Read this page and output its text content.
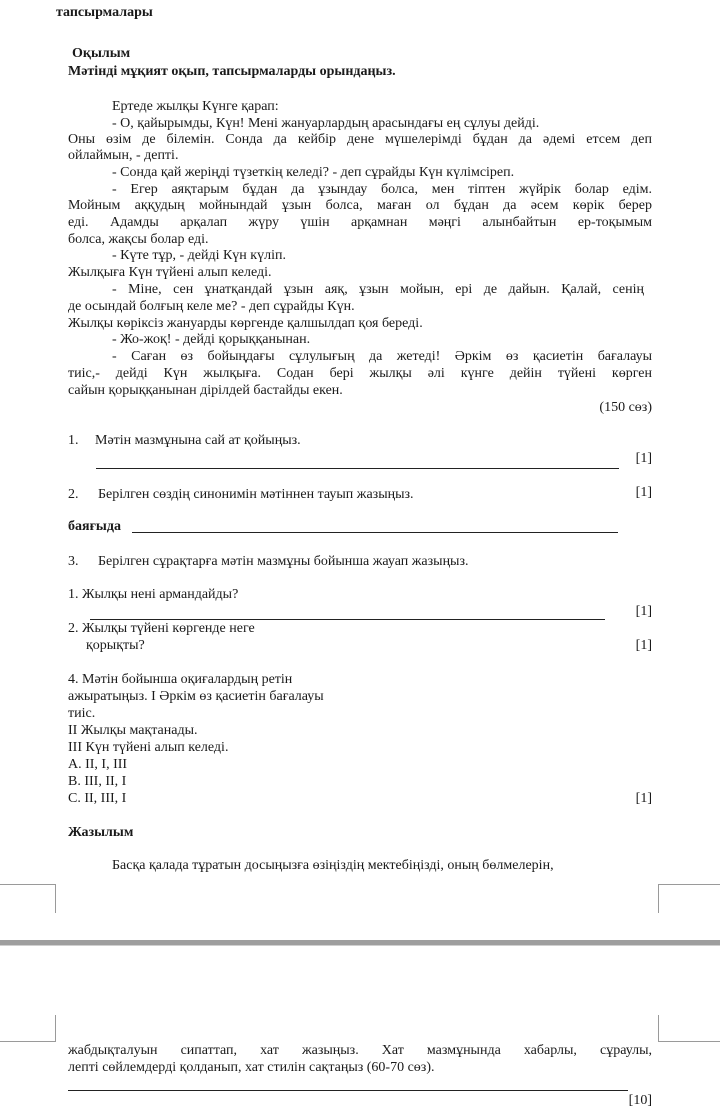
тапсырмалары
Оқылым
Мәтінді мұқият оқып, тапсырмаларды орындаңыз.
Ертеде жылқы Күнге қарап:
- О, қайырымды, Күн! Мені жануарлардың арасындағы ең сұлуы дейді.
Оны өзім де білемін. Сонда да кейбір дене мүшелерімді бұдан да әдемі етсем деп
ойлаймын, - депті.
- Сонда қай жеріңді түзеткің келеді? - деп сұрайды Күн күлімсіреп.
- Егер аяқтарым бұдан да ұзындау болса, мен тіптен жүйрік болар едім.
Мойным аққудың мойнындай ұзын болса, маған ол бұдан да әсем көрік берер
еді. Адамды арқалап жүру үшін арқамнан мәңгі алынбайтын ер-тоқымым
болса, жақсы болар еді.
- Күте тұр, - дейді Күн күліп.
Жылқыға Күн түйені алып келеді.
- Міне, сен ұнатқандай ұзын аяқ, ұзын мойын, ері де дайын. Қалай, сенің
де осындай болғың келе ме? - деп сұрайды Күн.
Жылқы көріксіз жануарды көргенде қалшылдап қоя береді.
- Жо-жоқ! - дейді қорыққанынан.
- Саған өз бойыңдағы сұлулығың да жетеді! Әркім өз қасиетін бағалауы
тиіс,- дейді Күн жылқыға. Содан бері жылқы әлі күнге дейін түйені көрген
сайын қорыққанынан дірілдей бастайды екен.
(150 сөз)
1. Мәтін мазмұнына сай ат қойыңыз.
[1]
2. Берілген сөздің синонимін мәтіннен тауып жазыңыз.	[1]
баяғыда
3. Берілген сұрақтарға мәтін мазмұны бойынша жауап жазыңыз.
1. Жылқы нені армандайды?
[1]
2. Жылқы түйені көргенде неге
қорықты?	[1]
4. Мәтін бойынша оқиғалардың ретін
ажыратыңыз. I Әркім өз қасиетін бағалауы
тиіс.
II Жылқы мақтанады.
III Күн түйені алып келеді.
A. II, I, III
B. III, II, I
C. II, III, I	[1]
Жазылым
Басқа қалада тұратын досыңызға өзіңіздің мектебіңізді, оның бөлмелерін,
жабдықталуын сипаттап, хат жазыңыз. Хат мазмұнында хабарлы, сұраулы,
лепті сөйлемдерді қолданып, хат стилін сақтаңыз (60-70 сөз).
[10]
